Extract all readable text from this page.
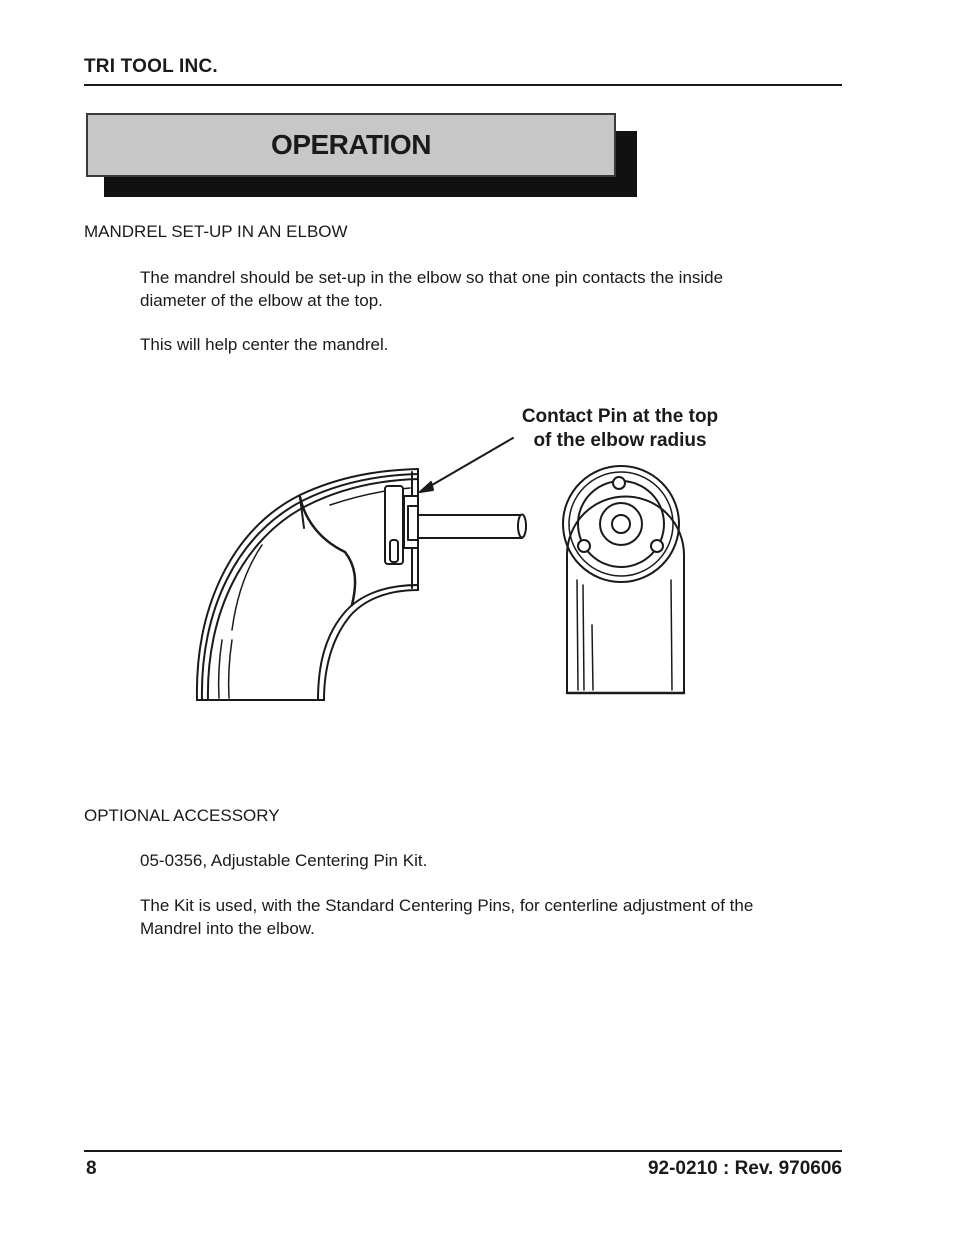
TRI TOOL INC.
OPERATION
MANDREL SET-UP IN AN ELBOW
The mandrel should be set-up in the elbow so that one pin contacts the inside
diameter of the elbow at the top.
This will help center the mandrel.
Contact Pin at the top
of the elbow radius
OPTIONAL ACCESSORY
05-0356, Adjustable Centering Pin Kit.
The Kit is used, with the Standard Centering Pins, for centerline adjustment of the
Mandrel into the elbow.
8	92-0210 : Rev. 970606
